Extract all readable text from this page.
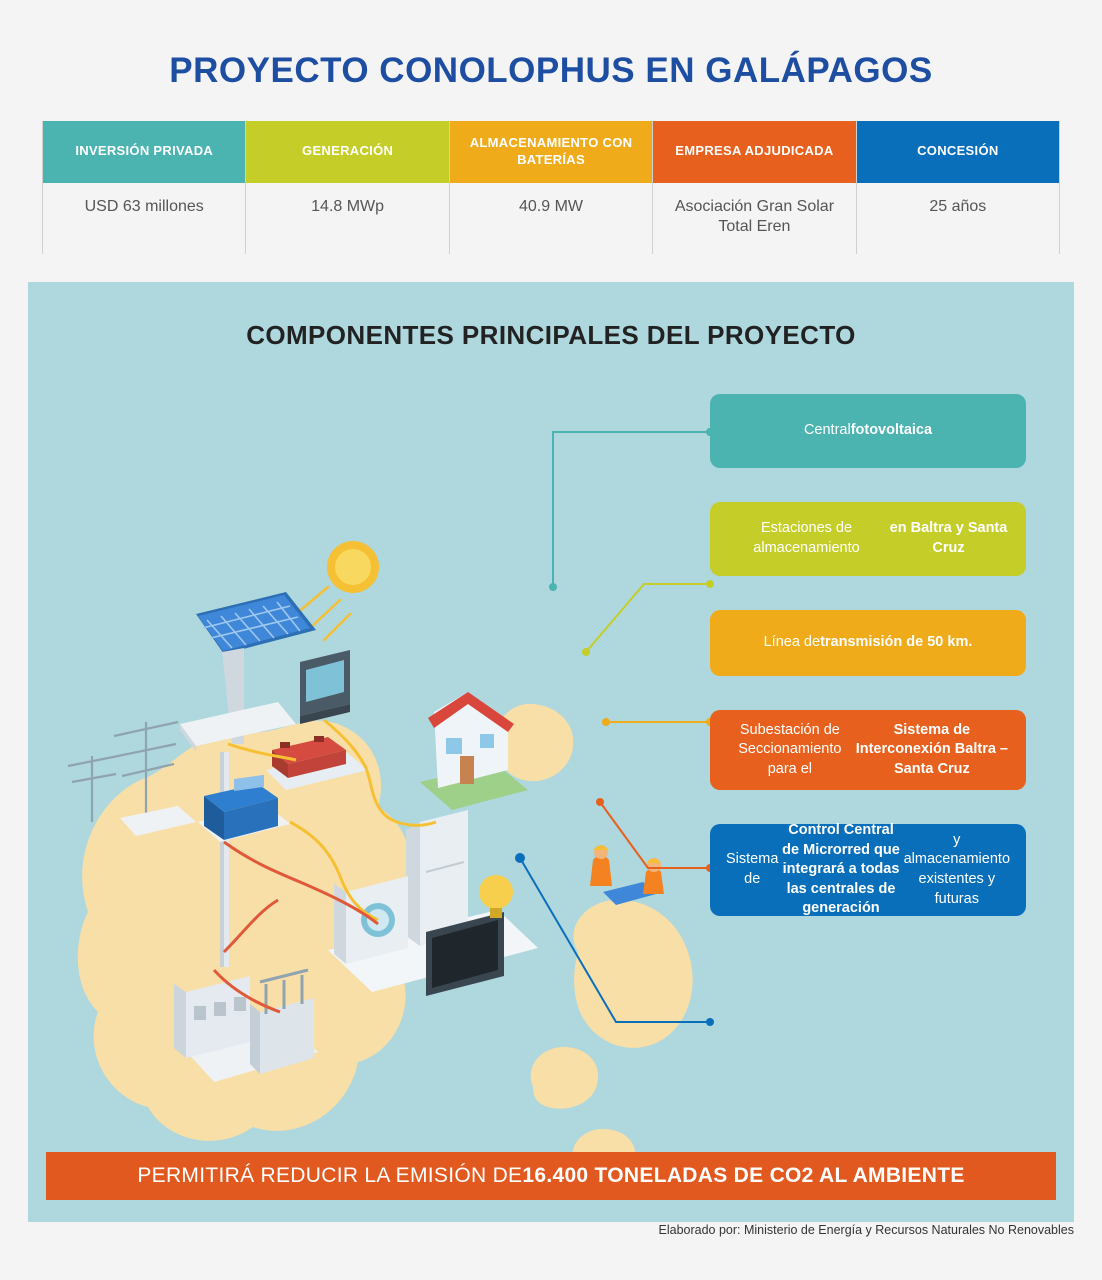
PROYECTO CONOLOPHUS EN GALÁPAGOS
INVERSIÓN PRIVADA
USD 63 millones
GENERACIÓN
14.8 MWp
ALMACENAMIENTO CON BATERÍAS
40.9 MW
EMPRESA ADJUDICADA
Asociación Gran Solar Total Eren
CONCESIÓN
25 años
COMPONENTES PRINCIPALES DEL PROYECTO
Central fotovoltaica
Estaciones de almacenamiento
en Baltra y Santa Cruz
Línea de transmisión de 50 km.
Subestación de Seccionamiento para el
Sistema de Interconexión Baltra – Santa Cruz
Sistema de
Control Central de Microrred que integrará a todas las centrales de generación
y almacenamiento existentes y futuras
PERMITIRÁ REDUCIR LA EMISIÓN DE 16.400 TONELADAS DE CO2 AL AMBIENTE
Elaborado por: Ministerio de Energía y Recursos Naturales No Renovables
